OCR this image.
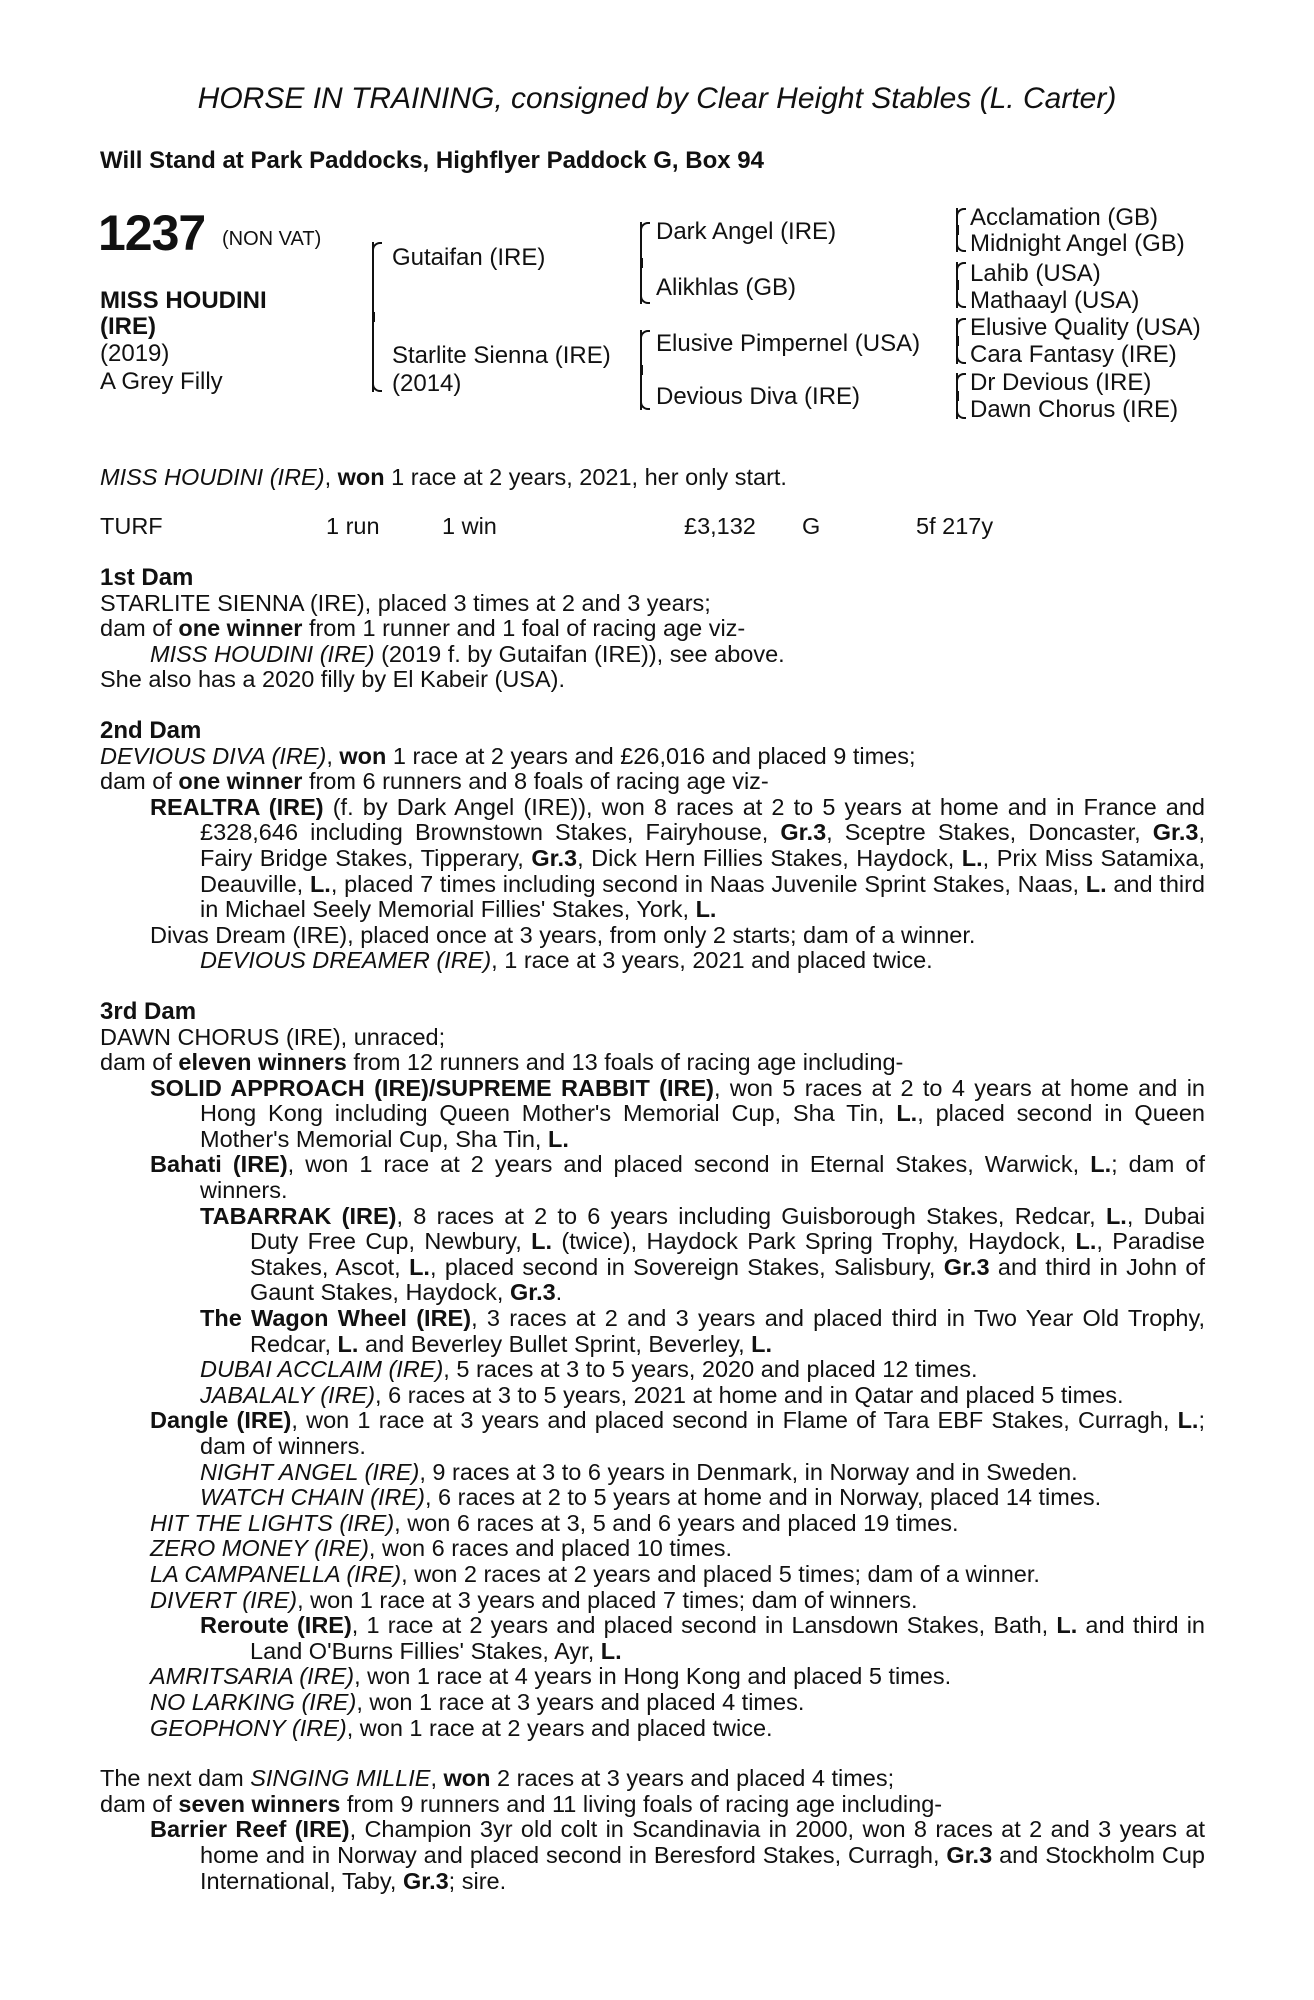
HORSE IN TRAINING, consigned by Clear Height Stables (L. Carter)
Will Stand at Park Paddocks, Highflyer Paddock G, Box 94
1237 (NON VAT)
MISS HOUDINI
(IRE)
(2019)
A Grey Filly
Gutaifan (IRE)
Starlite Sienna (IRE)
(2014)
Dark Angel (IRE)
Alikhlas (GB)
Elusive Pimpernel (USA)
Devious Diva (IRE)
Acclamation (GB)
Midnight Angel (GB)
Lahib (USA)
Mathaayl (USA)
Elusive Quality (USA)
Cara Fantasy (IRE)
Dr Devious (IRE)
Dawn Chorus (IRE)
MISS HOUDINI (IRE), won 1 race at 2 years, 2021, her only start.
TURF	1 run	1 win	£3,132 G	5f 217y

1st Dam

STARLITE SIENNA (IRE), placed 3 times at 2 and 3 years;

dam of one winner from 1 runner and 1 foal of racing age viz-

MISS HOUDINI (IRE) (2019 f. by Gutaifan (IRE)), see above.

She also has a 2020 filly by El Kabeir (USA).

2nd Dam

DEVIOUS DIVA (IRE), won 1 race at 2 years and £26,016 and placed 9 times;

dam of one winner from 6 runners and 8 foals of racing age viz-

REALTRA (IRE) (f. by Dark Angel (IRE)), won 8 races at 2 to 5 years at home and in France and £328,646 including Brownstown Stakes, Fairyhouse, Gr.3, Sceptre Stakes, Doncaster, Gr.3, Fairy Bridge Stakes, Tipperary, Gr.3, Dick Hern Fillies Stakes, Haydock, L., Prix Miss Satamixa, Deauville, L., placed 7 times including second in Naas Juvenile Sprint Stakes, Naas, L. and third in Michael Seely Memorial Fillies' Stakes, York, L.

Divas Dream (IRE), placed once at 3 years, from only 2 starts; dam of a winner.

DEVIOUS DREAMER (IRE), 1 race at 3 years, 2021 and placed twice.

3rd Dam

DAWN CHORUS (IRE), unraced;

dam of eleven winners from 12 runners and 13 foals of racing age including-

SOLID APPROACH (IRE)/SUPREME RABBIT (IRE), won 5 races at 2 to 4 years at home and in Hong Kong including Queen Mother's Memorial Cup, Sha Tin, L., placed second in Queen Mother's Memorial Cup, Sha Tin, L.

Bahati (IRE), won 1 race at 2 years and placed second in Eternal Stakes, Warwick, L.; dam of winners.

TABARRAK (IRE), 8 races at 2 to 6 years including Guisborough Stakes, Redcar, L., Dubai Duty Free Cup, Newbury, L. (twice), Haydock Park Spring Trophy, Haydock, L., Paradise Stakes, Ascot, L., placed second in Sovereign Stakes, Salisbury, Gr.3 and third in John of Gaunt Stakes, Haydock, Gr.3.

The Wagon Wheel (IRE), 3 races at 2 and 3 years and placed third in Two Year Old Trophy, Redcar, L. and Beverley Bullet Sprint, Beverley, L.

DUBAI ACCLAIM (IRE), 5 races at 3 to 5 years, 2020 and placed 12 times.

JABALALY (IRE), 6 races at 3 to 5 years, 2021 at home and in Qatar and placed 5 times.

Dangle (IRE), won 1 race at 3 years and placed second in Flame of Tara EBF Stakes, Curragh, L.; dam of winners.

NIGHT ANGEL (IRE), 9 races at 3 to 6 years in Denmark, in Norway and in Sweden.

WATCH CHAIN (IRE), 6 races at 2 to 5 years at home and in Norway, placed 14 times.

HIT THE LIGHTS (IRE), won 6 races at 3, 5 and 6 years and placed 19 times.

ZERO MONEY (IRE), won 6 races and placed 10 times.

LA CAMPANELLA (IRE), won 2 races at 2 years and placed 5 times; dam of a winner.

DIVERT (IRE), won 1 race at 3 years and placed 7 times; dam of winners.

Reroute (IRE), 1 race at 2 years and placed second in Lansdown Stakes, Bath, L. and third in Land O'Burns Fillies' Stakes, Ayr, L.

AMRITSARIA (IRE), won 1 race at 4 years in Hong Kong and placed 5 times.

NO LARKING (IRE), won 1 race at 3 years and placed 4 times.

GEOPHONY (IRE), won 1 race at 2 years and placed twice.

The next dam SINGING MILLIE, won 2 races at 3 years and placed 4 times;

dam of seven winners from 9 runners and 11 living foals of racing age including-

Barrier Reef (IRE), Champion 3yr old colt in Scandinavia in 2000, won 8 races at 2 and 3 years at home and in Norway and placed second in Beresford Stakes, Curragh, Gr.3 and Stockholm Cup International, Taby, Gr.3; sire.
